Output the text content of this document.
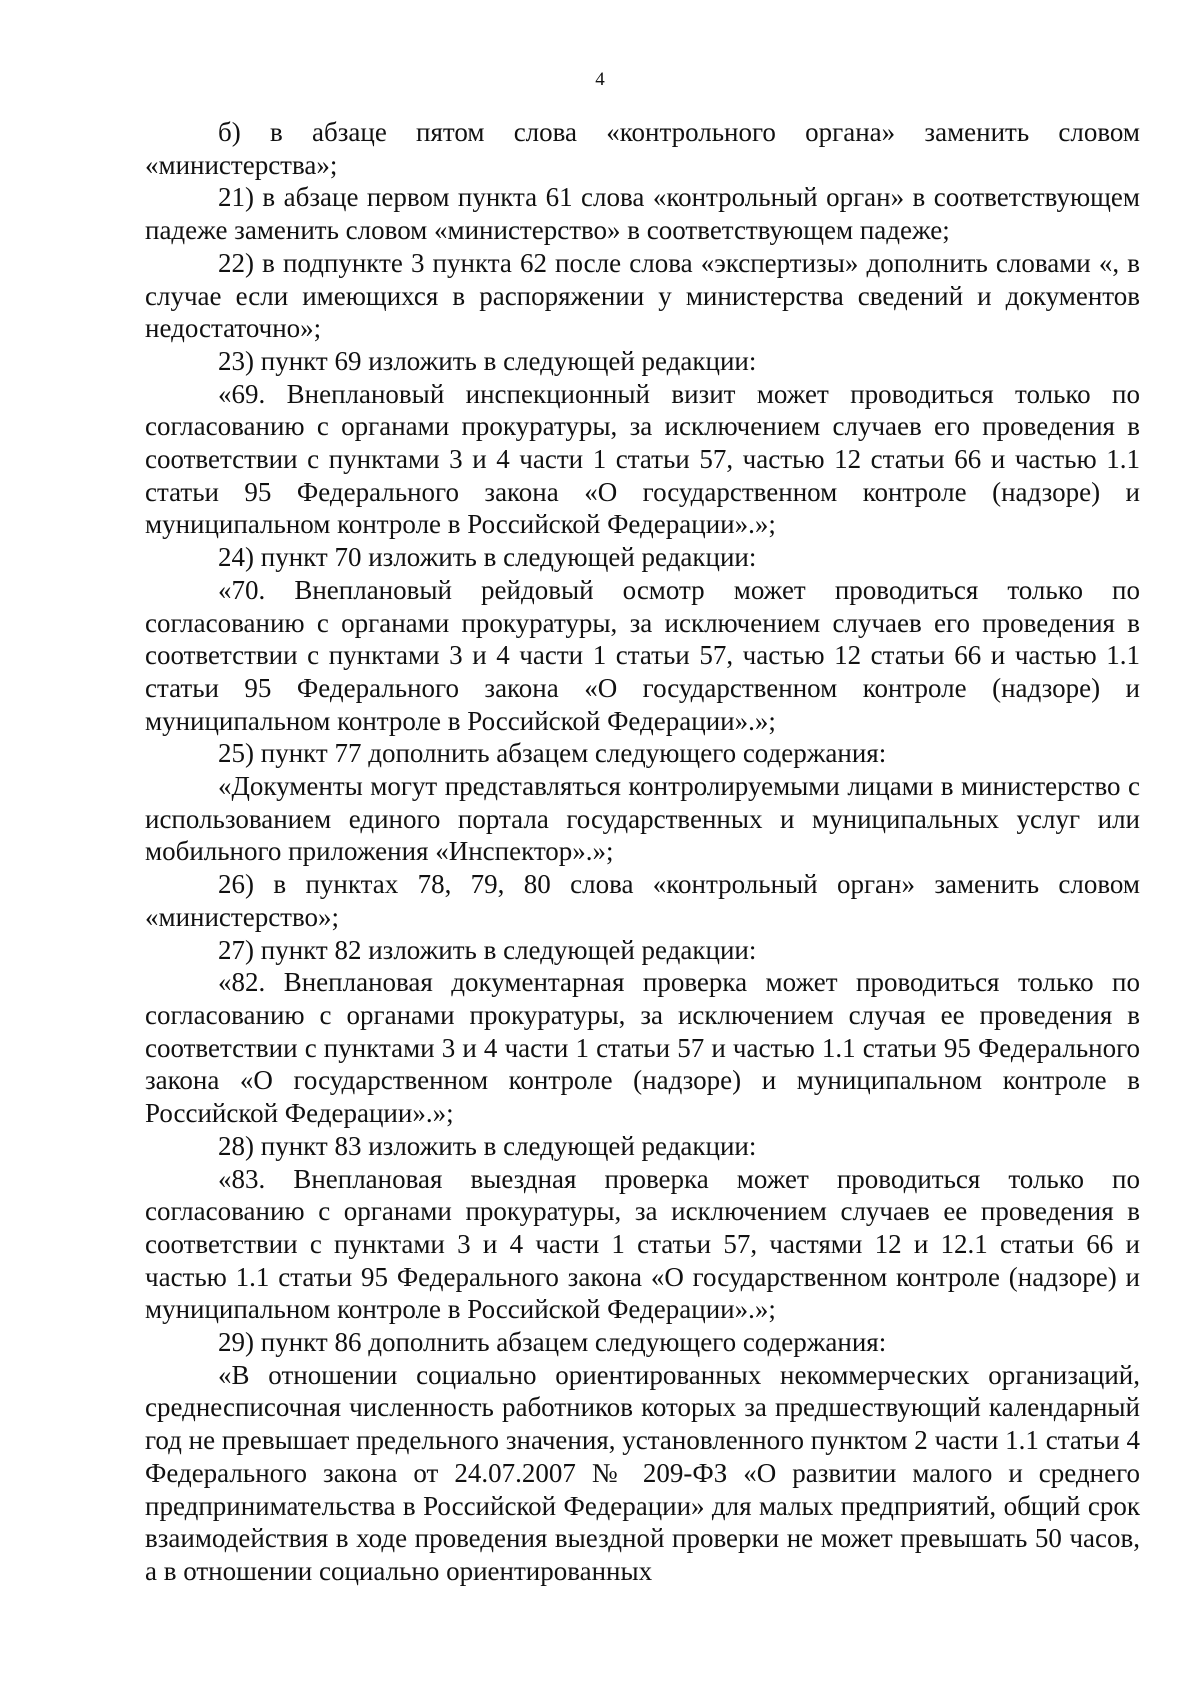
4

б) в абзаце пятом слова «контрольного органа» заменить словом «министерства»;

21) в абзаце первом пункта 61 слова «контрольный орган» в соответствующем падеже заменить словом «министерство» в соответствующем падеже;

22) в подпункте 3 пункта 62 после слова «экспертизы» дополнить словами «, в случае если имеющихся в распоряжении у министерства сведений и документов недостаточно»;

23) пункт 69 изложить в следующей редакции:

«69. Внеплановый инспекционный визит может проводиться только по согласованию с органами прокуратуры, за исключением случаев его проведения в соответствии с пунктами 3 и 4 части 1 статьи 57, частью 12 статьи 66 и частью 1.1 статьи 95 Федерального закона «О государственном контроле (надзоре) и муниципальном контроле в Российской Федерации».»;

24) пункт 70 изложить в следующей редакции:

«70. Внеплановый рейдовый осмотр может проводиться только по согласованию с органами прокуратуры, за исключением случаев его проведения в соответствии с пунктами 3 и 4 части 1 статьи 57, частью 12 статьи 66 и частью 1.1 статьи 95 Федерального закона «О государственном контроле (надзоре) и муниципальном контроле в Российской Федерации».»;

25) пункт 77 дополнить абзацем следующего содержания:

«Документы могут представляться контролируемыми лицами в министерство с использованием единого портала государственных и муниципальных услуг или мобильного приложения «Инспектор».»;

26) в пунктах 78, 79, 80 слова «контрольный орган» заменить словом «министерство»;

27) пункт 82 изложить в следующей редакции:

«82. Внеплановая документарная проверка может проводиться только по согласованию с органами прокуратуры, за исключением случая ее проведения в соответствии с пунктами 3 и 4 части 1 статьи 57 и частью 1.1 статьи 95 Федерального закона «О государственном контроле (надзоре) и муниципальном контроле в Российской Федерации».»;

28) пункт 83 изложить в следующей редакции:

«83. Внеплановая выездная проверка может проводиться только по согласованию с органами прокуратуры, за исключением случаев ее проведения в соответствии с пунктами 3 и 4 части 1 статьи 57, частями 12 и 12.1 статьи 66 и частью 1.1 статьи 95 Федерального закона «О государственном контроле (надзоре) и муниципальном контроле в Российской Федерации».»;

29) пункт 86 дополнить абзацем следующего содержания:

«В отношении социально ориентированных некоммерческих организаций, среднесписочная численность работников которых за предшествующий календарный год не превышает предельного значения, установленного пунктом 2 части 1.1 статьи 4 Федерального закона от 24.07.2007 № 209-ФЗ «О развитии малого и среднего предпринимательства в Российской Федерации» для малых предприятий, общий срок взаимодействия в ходе проведения выездной проверки не может превышать 50 часов, а в отношении социально ориентированных
